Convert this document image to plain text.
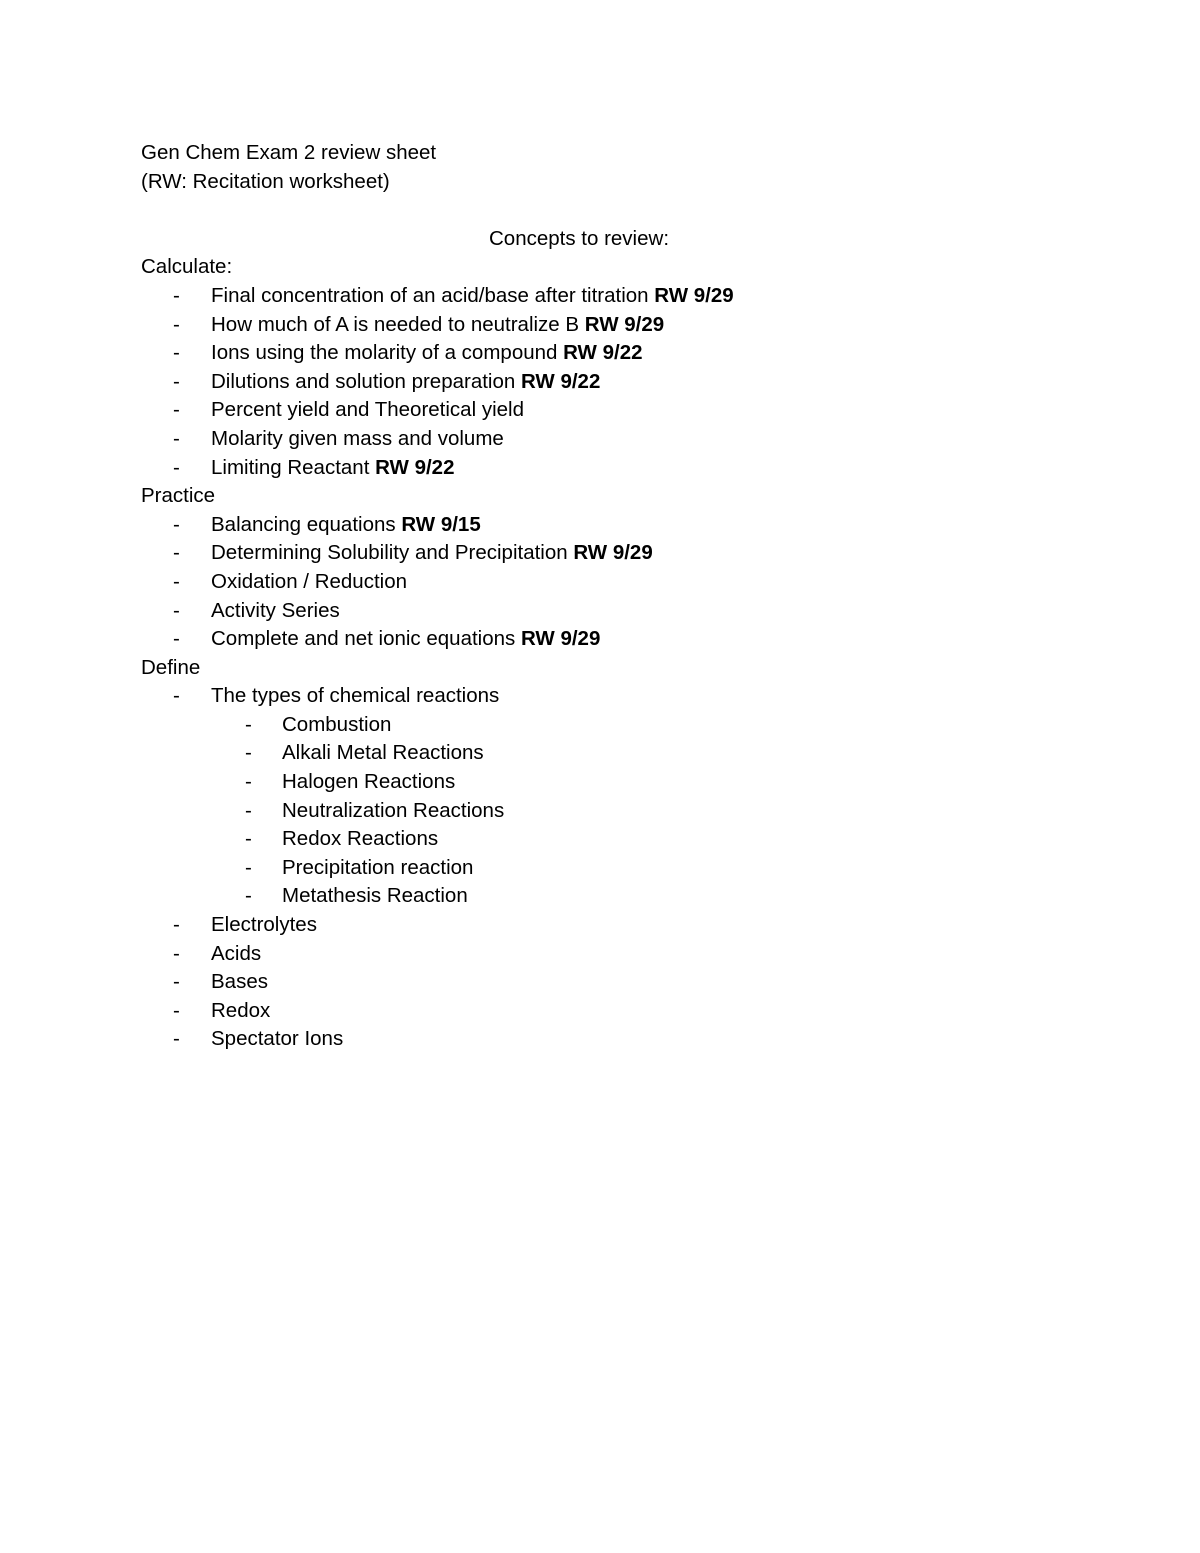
Gen Chem Exam 2 review sheet
(RW: Recitation worksheet)
Concepts to review:
Calculate:
- Final concentration of an acid/base after titration RW 9/29
- How much of A is needed to neutralize B RW 9/29
- Ions using the molarity of a compound RW 9/22
- Dilutions and solution preparation RW 9/22
- Percent yield and Theoretical yield
- Molarity given mass and volume
- Limiting Reactant RW 9/22
Practice
- Balancing equations RW 9/15
- Determining Solubility and Precipitation RW 9/29
- Oxidation / Reduction
- Activity Series
- Complete and net ionic equations RW 9/29
Define
- The types of chemical reactions
- Combustion
- Alkali Metal Reactions
- Halogen Reactions
- Neutralization Reactions
- Redox Reactions
- Precipitation reaction
- Metathesis Reaction
- Electrolytes
- Acids
- Bases
- Redox
- Spectator Ions
